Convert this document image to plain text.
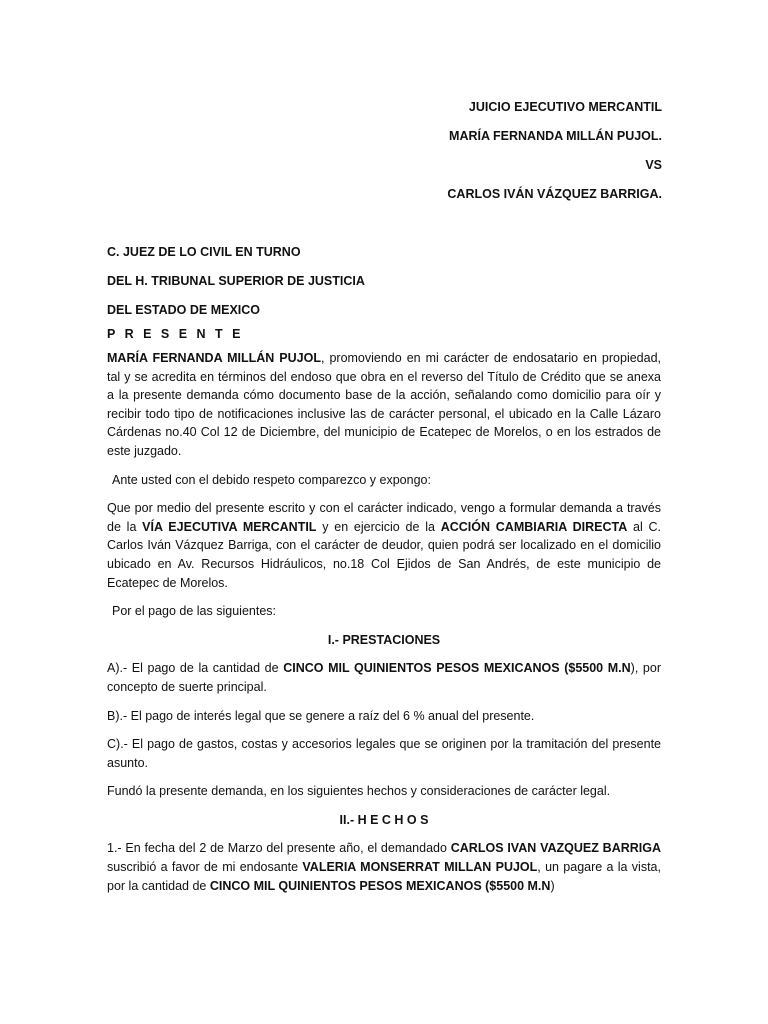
JUICIO EJECUTIVO MERCANTIL
MARÍA FERNANDA MILLÁN PUJOL.
VS
CARLOS IVÁN VÁZQUEZ BARRIGA.
C. JUEZ DE LO CIVIL EN TURNO
DEL H. TRIBUNAL SUPERIOR DE JUSTICIA
DEL ESTADO DE MEXICO
P R E S E N T E

MARÍA FERNANDA MILLÁN PUJOL, promoviendo en mi carácter de endosatario en propiedad, tal y se acredita en términos del endoso que obra en el reverso del Título de Crédito que se anexa a la presente demanda cómo documento base de la acción, señalando como domicilio para oír y recibir todo tipo de notificaciones inclusive las de carácter personal, el ubicado en la Calle Lázaro Cárdenas no.40 Col 12 de Diciembre, del municipio de Ecatepec de Morelos, o en los estrados de este juzgado.

Ante usted con el debido respeto comparezco y expongo:

Que por medio del presente escrito y con el carácter indicado, vengo a formular demanda a través de la VÍA EJECUTIVA MERCANTIL y en ejercicio de la ACCIÓN CAMBIARIA DIRECTA al C. Carlos Iván Vázquez Barriga, con el carácter de deudor, quien podrá ser localizado en el domicilio ubicado en Av. Recursos Hidráulicos, no.18 Col Ejidos de San Andrés, de este municipio de Ecatepec de Morelos.

Por el pago de las siguientes:

I.- PRESTACIONES

A).- El pago de la cantidad de CINCO MIL QUINIENTOS PESOS MEXICANOS ($5500 M.N), por concepto de suerte principal.

B).- El pago de interés legal que se genere a raíz del 6 % anual del presente.

C).- El pago de gastos, costas y accesorios legales que se originen por la tramitación del presente asunto.

Fundó la presente demanda, en los siguientes hechos y consideraciones de carácter legal.

II.- H E C H O S

1.- En fecha del 2 de Marzo del presente año, el demandado CARLOS IVAN VAZQUEZ BARRIGA suscribió a favor de mi endosante VALERIA MONSERRAT MILLAN PUJOL, un pagare a la vista, por la cantidad de CINCO MIL QUINIENTOS PESOS MEXICANOS ($5500 M.N)
